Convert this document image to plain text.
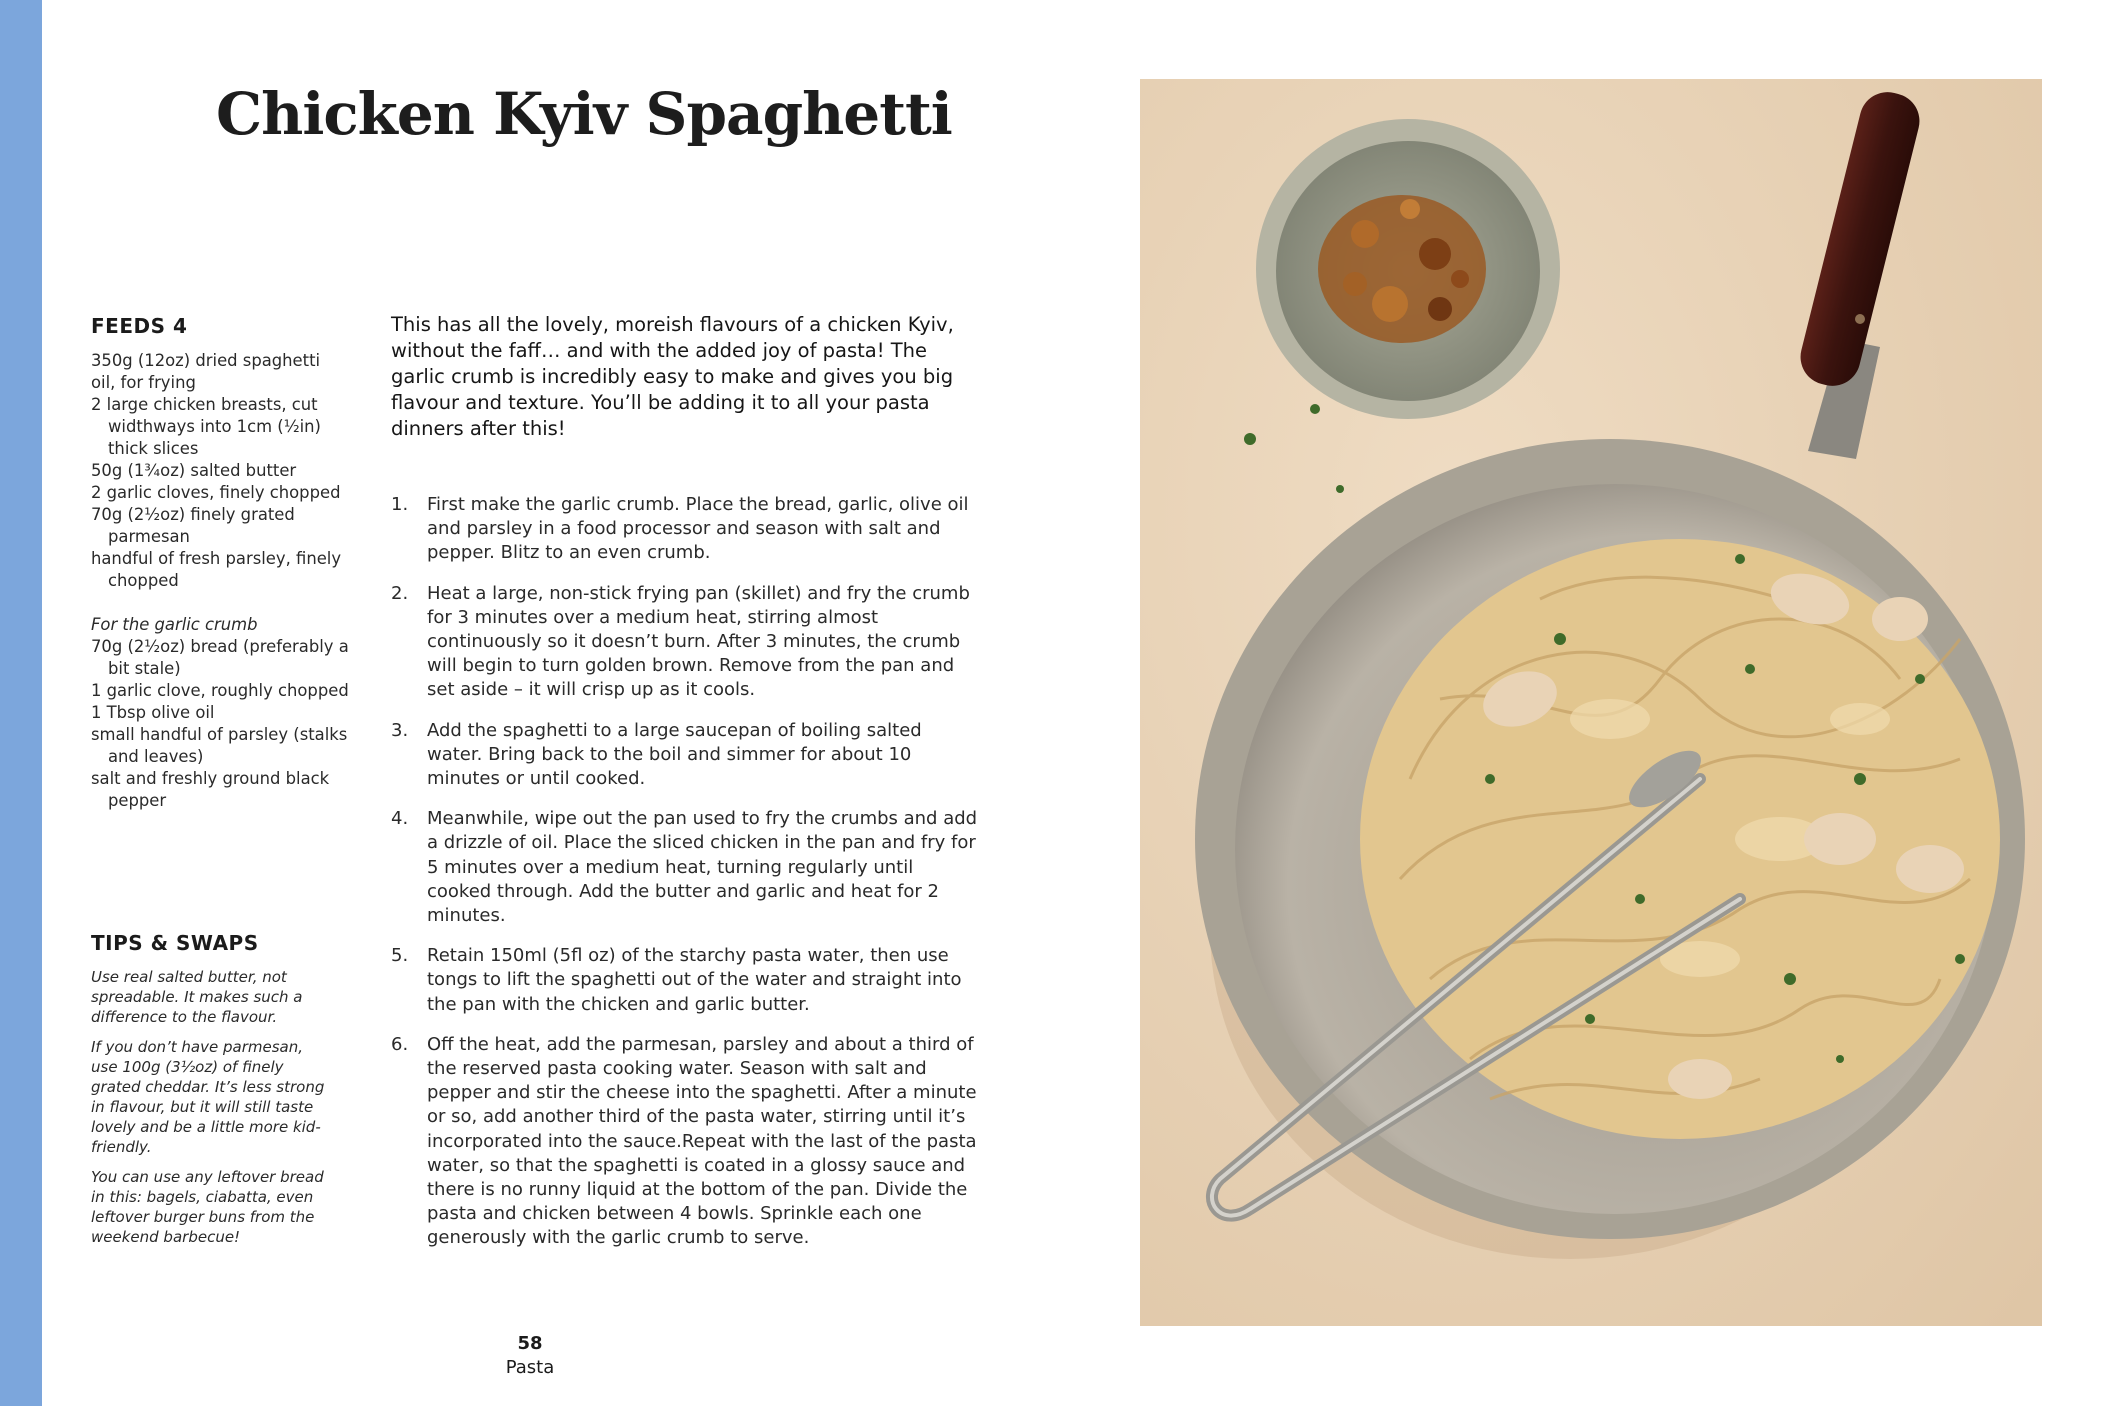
Chicken Kyiv Spaghetti
FEEDS 4

350g (12oz) dried spaghetti

oil, for frying

2 large chicken breasts, cut widthways into 1cm (½in) thick slices

50g (1¾oz) salted butter

2 garlic cloves, finely chopped

70g (2½oz) finely grated parmesan

handful of fresh parsley, finely chopped

For the garlic crumb

70g (2½oz) bread (preferably a bit stale)

1 garlic clove, roughly chopped

1 Tbsp olive oil

small handful of parsley (stalks and leaves)

salt and freshly ground black pepper

TIPS & SWAPS

Use real salted butter, not spreadable. It makes such a difference to the flavour.

If you don’t have parmesan, use 100g (3½oz) of finely grated cheddar. It’s less strong in flavour, but it will still taste lovely and be a little more kid-friendly.

You can use any leftover bread in this: bagels, ciabatta, even leftover burger buns from the weekend barbecue!

This has all the lovely, moreish flavours of a chicken Kyiv, without the faff… and with the added joy of pasta! The garlic crumb is incredibly easy to make and gives you big flavour and texture. You’ll be adding it to all your pasta dinners after this!

1.	First make the garlic crumb. Place the bread, garlic, olive oil and parsley in a food processor and season with salt and pepper. Blitz to an even crumb.
2.	Heat a large, non-stick frying pan (skillet) and fry the crumb for 3 minutes over a medium heat, stirring almost continuously so it doesn’t burn. After 3 minutes, the crumb will begin to turn golden brown. Remove from the pan and set aside – it will crisp up as it cools.
3.	Add the spaghetti to a large saucepan of boiling salted water. Bring back to the boil and simmer for about 10 minutes or until cooked.
4.	Meanwhile, wipe out the pan used to fry the crumbs and add a drizzle of oil. Place the sliced chicken in the pan and fry for 5 minutes over a medium heat, turning regularly until cooked through. Add the butter and garlic and heat for 2 minutes.
5.	Retain 150ml (5fl oz) of the starchy pasta water, then use tongs to lift the spaghetti out of the water and straight into the pan with the chicken and garlic butter.
6.	Off the heat, add the parmesan, parsley and about a third of the reserved pasta cooking water. Season with salt and pepper and stir the cheese into the spaghetti. After a minute or so, add another third of the pasta water, stirring until it’s incorporated into the sauce.Repeat with the last of the pasta water, so that the spaghetti is coated in a glossy sauce and there is no runny liquid at the bottom of the pan. Divide the pasta and chicken between 4 bowls. Sprinkle each one generously with the garlic crumb to serve.
58
Pasta
